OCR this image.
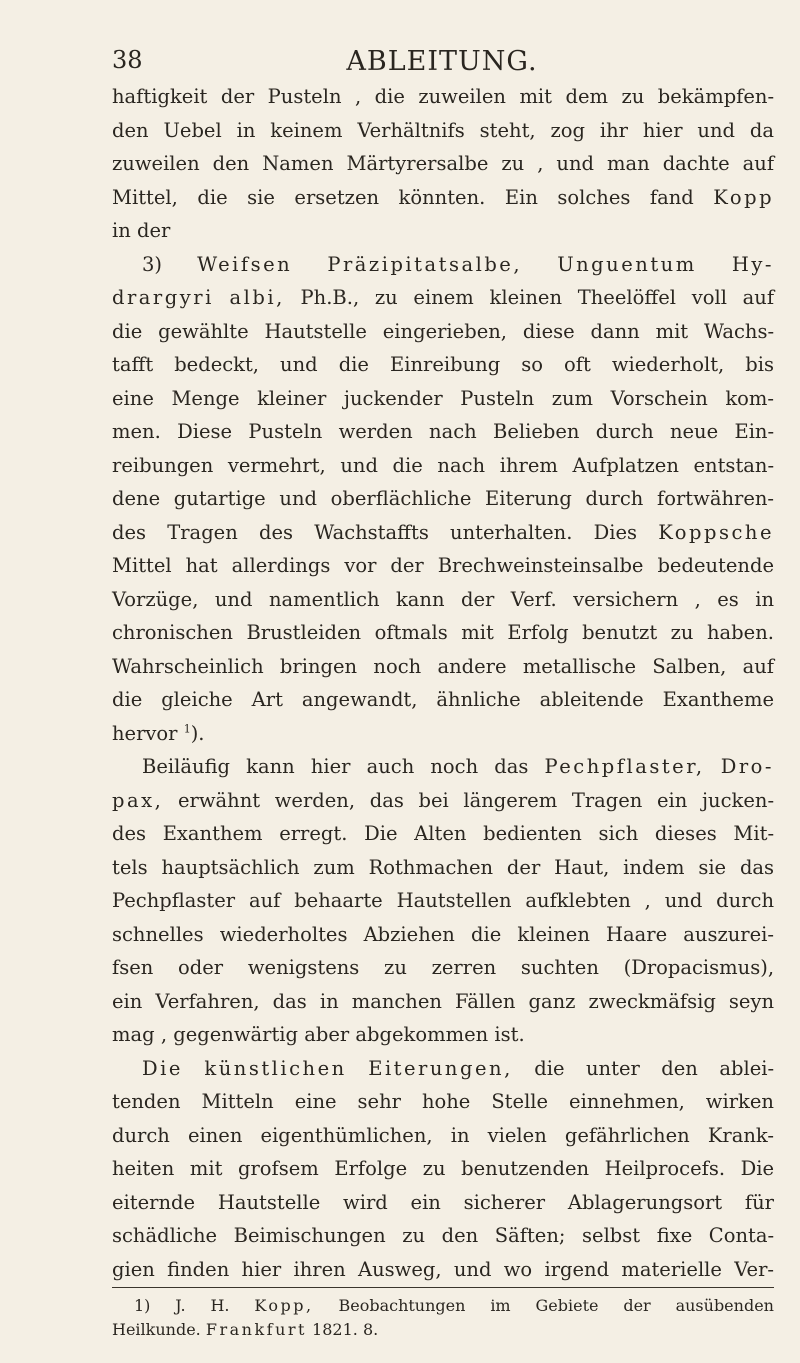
38	ABLEITUNG.
haftigkeit der Pusteln , die zuweilen mit dem zu bekämpfen-
den Uebel in keinem Verhältnifs steht, zog ihr hier und da
zuweilen den Namen Märtyrersalbe zu , und man dachte auf
Mittel, die sie ersetzen könnten. Ein solches fand Kopp
in der
3) Weifsen Präzipitatsalbe, Unguentum Hy-
drargyri albi, Ph.B., zu einem kleinen Theelöffel voll auf
die gewählte Hautstelle eingerieben, diese dann mit Wachs-
tafft bedeckt, und die Einreibung so oft wiederholt, bis
eine Menge kleiner juckender Pusteln zum Vorschein kom-
men. Diese Pusteln werden nach Belieben durch neue Ein-
reibungen vermehrt, und die nach ihrem Aufplatzen entstan-
dene gutartige und oberflächliche Eiterung durch fortwähren-
des Tragen des Wachstaffts unterhalten. Dies Koppsche
Mittel hat allerdings vor der Brechweinsteinsalbe bedeutende
Vorzüge, und namentlich kann der Verf. versichern , es in
chronischen Brustleiden oftmals mit Erfolg benutzt zu haben.
Wahrscheinlich bringen noch andere metallische Salben, auf
die gleiche Art angewandt, ähnliche ableitende Exantheme
hervor $^1$).
Beiläufig kann hier auch noch das Pechpflaster, Dro-
pax, erwähnt werden, das bei längerem Tragen ein jucken-
des Exanthem erregt. Die Alten bedienten sich dieses Mit-
tels hauptsächlich zum Rothmachen der Haut, indem sie das
Pechpflaster auf behaarte Hautstellen aufklebten , und durch
schnelles wiederholtes Abziehen die kleinen Haare auszurei-
fsen oder wenigstens zu zerren suchten (Dropacismus),
ein Verfahren, das in manchen Fällen ganz zweckmäfsig seyn
mag , gegenwärtig aber abgekommen ist.
Die künstlichen Eiterungen, die unter den ablei-
tenden Mitteln eine sehr hohe Stelle einnehmen, wirken
durch einen eigenthümlichen, in vielen gefährlichen Krank-
heiten mit grofsem Erfolge zu benutzenden Heilprocefs. Die
eiternde Hautstelle wird ein sicherer Ablagerungsort für
schädliche Beimischungen zu den Säften; selbst fixe Conta-
gien finden hier ihren Ausweg, und wo irgend materielle Ver-
1) J. H. Kopp, Beobachtungen im Gebiete der ausübenden
Heilkunde. Frankfurt 1821. 8.
